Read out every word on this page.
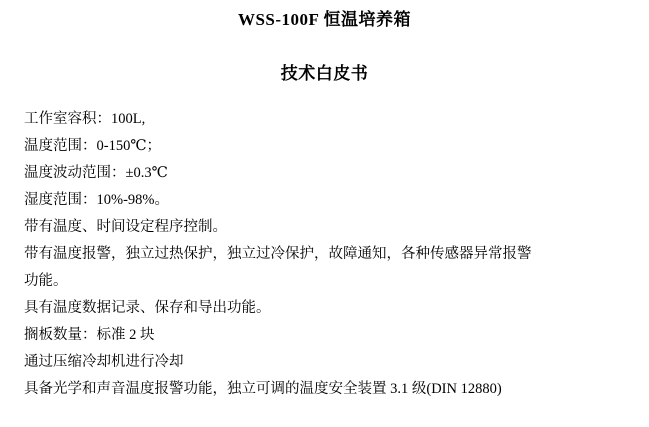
WSS-100F 恒温培养箱
技术白皮书
工作室容积：100L,
温度范围：0-150℃；
温度波动范围：±0.3℃
湿度范围：10%-98%。
带有温度、时间设定程序控制。
带有温度报警，独立过热保护，独立过冷保护，故障通知，各种传感器异常报警
功能。
具有温度数据记录、保存和导出功能。
搁板数量：标准 2 块
通过压缩冷却机进行冷却
具备光学和声音温度报警功能，独立可调的温度安全装置 3.1 级(DIN 12880)
